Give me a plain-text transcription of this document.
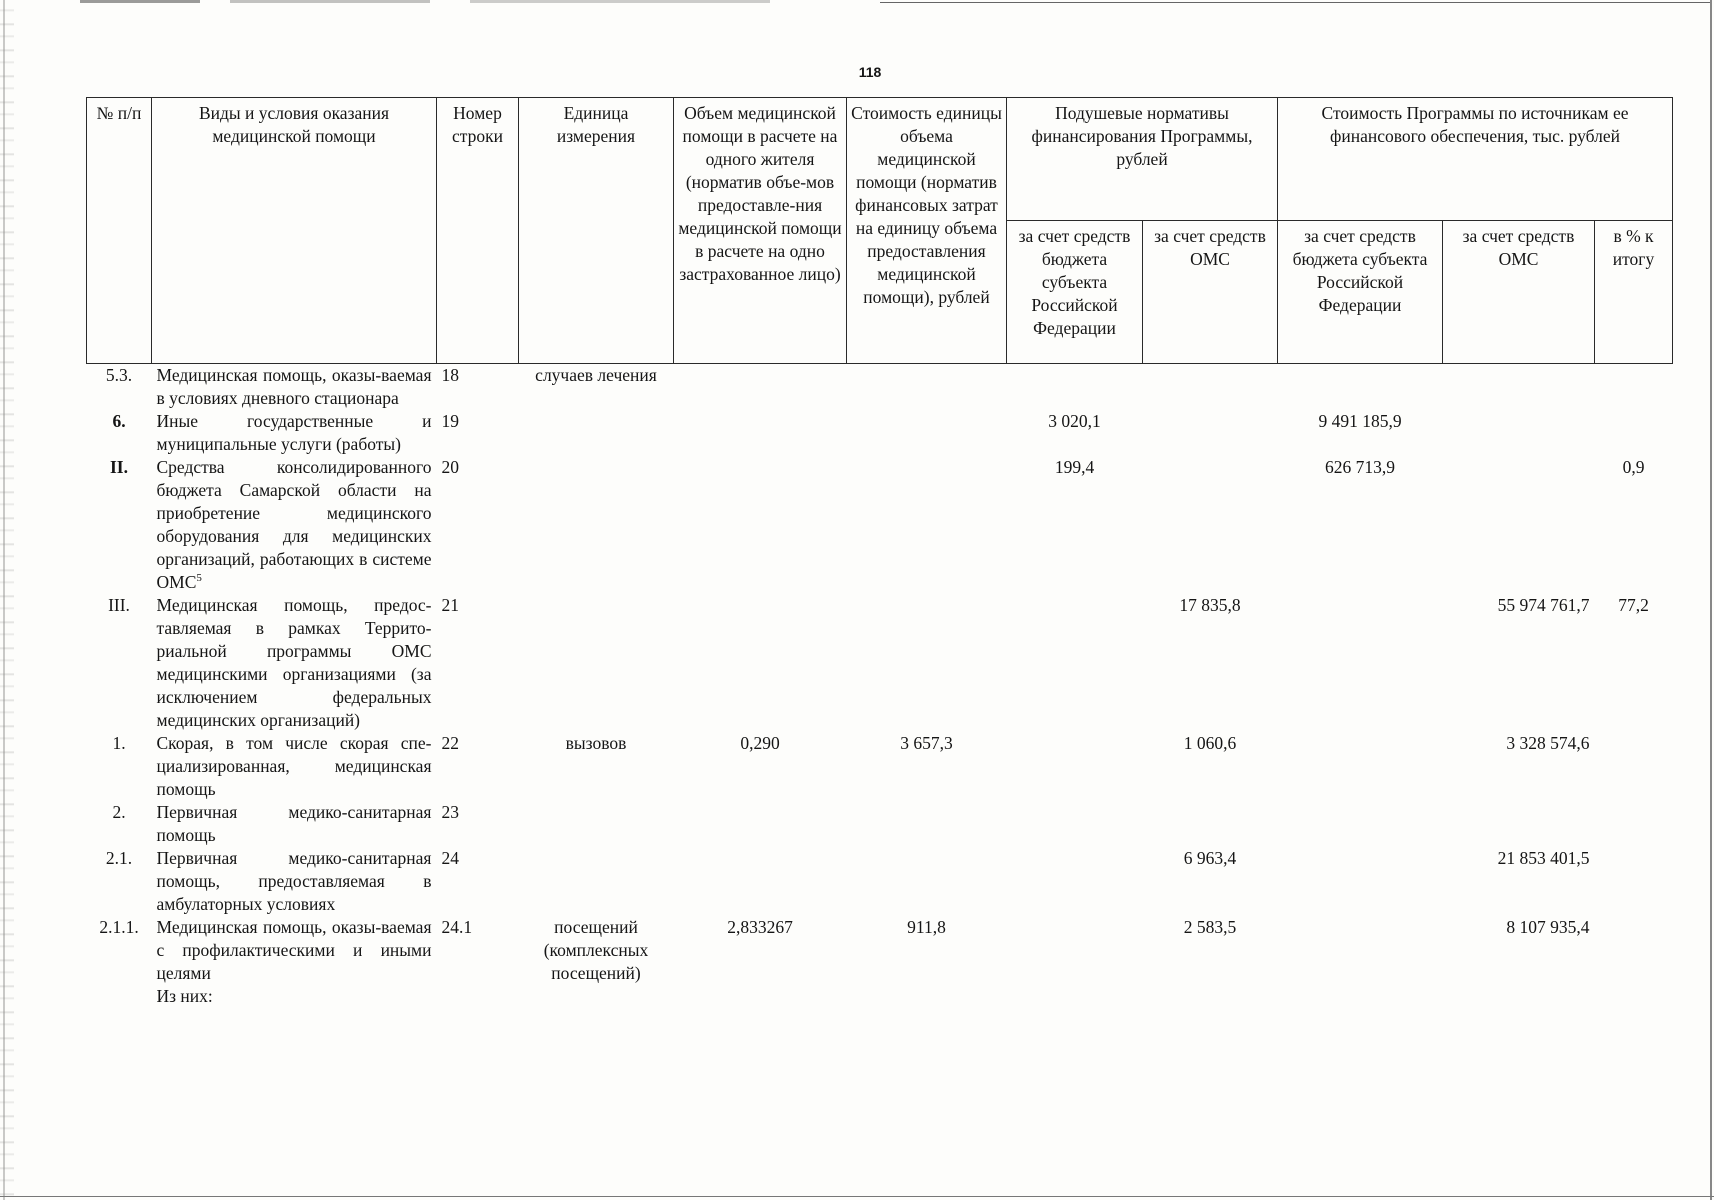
118
№ п/п	Виды и условия оказания медицинской помощи	Номер строки	Единица измерения	Объем медицинской помощи в расчете на одного жителя (норматив объе-мов предоставле-ния медицинской помощи в расчете на одно застрахованное лицо)	Стоимость единицы объема медицинской помощи (норматив финансовых затрат на единицу объема предоставления медицинской помощи), рублей	Подушевые нормативы финансирования Программы, рублей		Стоимость Программы по источникам ее финансового обеспечения, тыс. рублей		
						за счет средств бюджета субъекта Российской Федерации	за счет средств ОМС	за счет средств бюджета субъекта Российской Федерации	за счет средств ОМС	в % к итогу
5.3.	Медицинская помощь, оказы-ваемая в условиях дневного стационара	18	случаев лечения							
6.	Иные государственные и муниципальные услуги (работы)	19				3 020,1		9 491 185,9		
II.	Средства консолидированного бюджета Самарской области на приобретение медицинского оборудования для медицинских организаций, работающих в системе ОМС$^5$	20				199,4		626 713,9		0,9
III.	Медицинская помощь, предос-тавляемая в рамках Террито-риальной программы ОМС медицинскими организациями (за исключением федеральных медицинских организаций)	21					17 835,8		55 974 761,7	77,2
1.	Скорая, в том числе скорая спе-циализированная, медицинская помощь	22	вызовов	0,290	3 657,3		1 060,6		3 328 574,6	
2.	Первичная медико-санитарная помощь	23								
2.1.	Первичная медико-санитарная помощь, предоставляемая в амбулаторных условиях	24					6 963,4		21 853 401,5	
2.1.1.	Медицинская помощь, оказы-ваемая с профилактическими и иными целями	24.1	посещений (комплексных посещений)	2,833267	911,8		2 583,5		8 107 935,4	
	Из них:									
